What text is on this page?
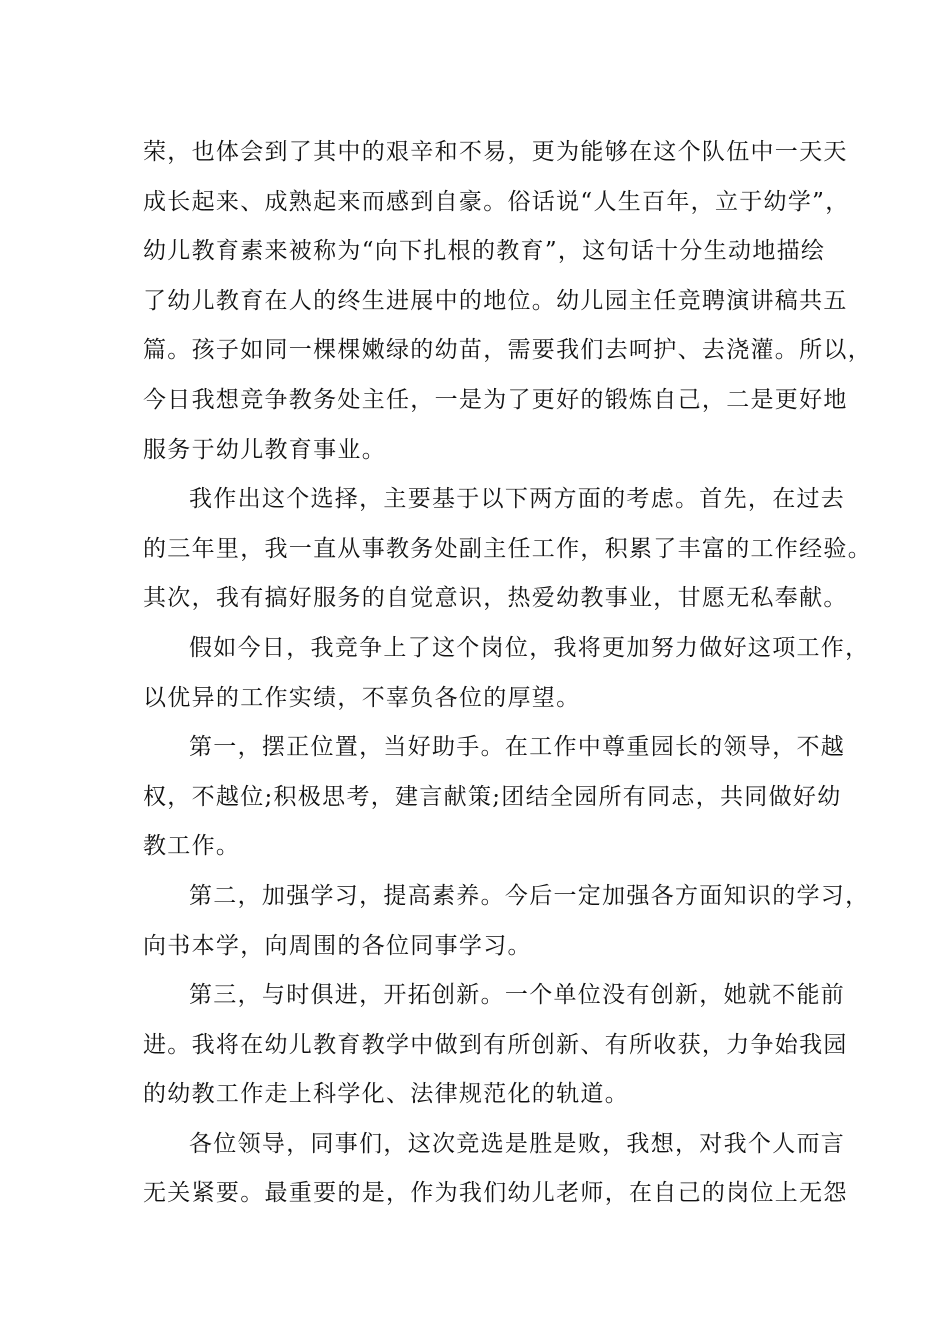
荣，也体会到了其中的艰辛和不易，更为能够在这个队伍中一天天
成长起来、成熟起来而感到自豪。俗话说“人生百年，立于幼学”，
幼儿教育素来被称为“向下扎根的教育”，这句话十分生动地描绘
了幼儿教育在人的终生进展中的地位。幼儿园主任竞聘演讲稿共五
篇。孩子如同一棵棵嫩绿的幼苗，需要我们去呵护、去浇灌。所以，
今日我想竞争教务处主任，一是为了更好的锻炼自己，二是更好地
服务于幼儿教育事业。
我作出这个选择，主要基于以下两方面的考虑。首先，在过去
的三年里，我一直从事教务处副主任工作，积累了丰富的工作经验。
其次，我有搞好服务的自觉意识，热爱幼教事业，甘愿无私奉献。
假如今日，我竞争上了这个岗位，我将更加努力做好这项工作，
以优异的工作实绩，不辜负各位的厚望。
第一，摆正位置，当好助手。在工作中尊重园长的领导，不越
权，不越位;积极思考，建言献策;团结全园所有同志，共同做好幼
教工作。
第二，加强学习，提高素养。今后一定加强各方面知识的学习，
向书本学，向周围的各位同事学习。
第三，与时俱进，开拓创新。一个单位没有创新，她就不能前
进。我将在幼儿教育教学中做到有所创新、有所收获，力争始我园
的幼教工作走上科学化、法律规范化的轨道。
各位领导，同事们，这次竞选是胜是败，我想，对我个人而言
无关紧要。最重要的是，作为我们幼儿老师，在自己的岗位上无怨
